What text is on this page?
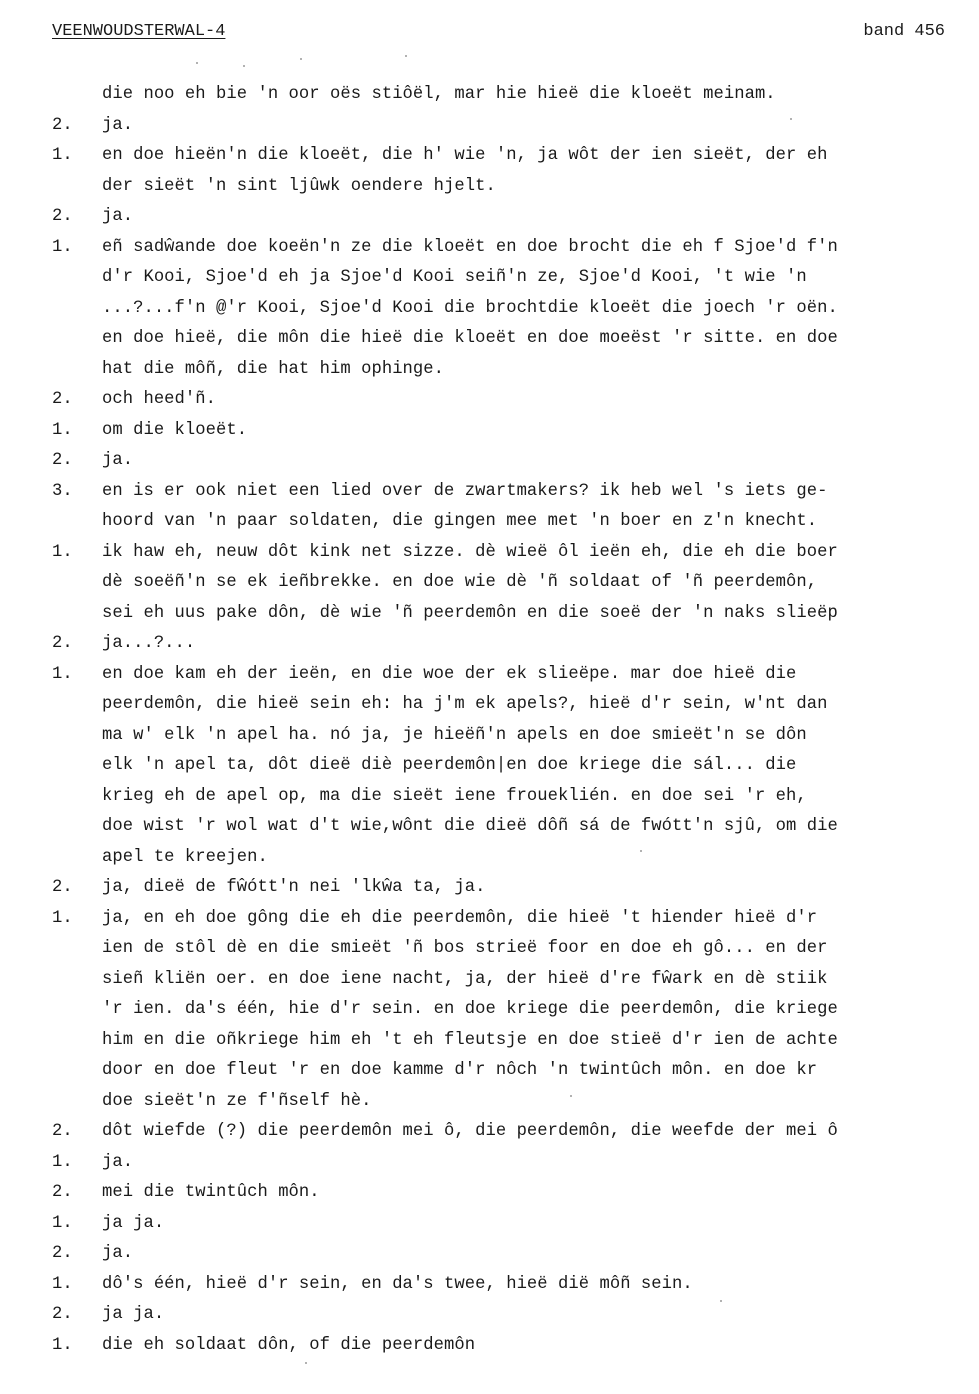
VEENWOUDSTERWAL-4	band 456
die noo eh bie 'n oor oës stiôël, mar hie hieë die kloeët meinam.
2.	ja.
1.	en doe hieën'n die kloeët, die h' wie 'n, ja wôt der ien sieët, der eh
der sieët 'n sint ljûwk oendere hjelt.
2.	ja.
1.	eñ sadŵande doe koeën'n ze die kloeët en doe brocht die eh f Sjoe'd f'n
d'r Kooi, Sjoe'd eh ja Sjoe'd Kooi seiñ'n ze, Sjoe'd Kooi, 't wie 'n
...?...f'n @'r Kooi, Sjoe'd Kooi die brochtdie kloeët die joech 'r oën.
en doe hieë, die môn die hieë die kloeët en doe moeëst 'r sitte. en doe
hat die môñ, die hat him ophinge.
2.	och heed'ñ.
1.	om die kloeët.
2.	ja.
3.	en is er ook niet een lied over de zwartmakers? ik heb wel 's iets ge-
hoord van 'n paar soldaten, die gingen mee met 'n boer en z'n knecht.
1.	ik haw eh, neuw dôt kink net sizze. dè wieë ôl ieën eh, die eh die boer
dè soeëñ'n se ek ieñbrekke. en doe wie dè 'ñ soldaat of 'ñ peerdemôn,
sei eh uus pake dôn, dè wie 'ñ peerdemôn en die soeë der 'n naks slieëp
2.	ja...?...
1.	en doe kam eh der ieën, en die woe der ek slieëpe. mar doe hieë die
peerdemôn, die hieë sein eh: ha j'm ek apels?, hieë d'r sein, w'nt dan
ma w' elk 'n apel ha. nó ja, je hieëñ'n apels en doe smieët'n se dôn
elk 'n apel ta, dôt dieë diè peerdemôn|en doe kriege die sál... die
krieg eh de apel op, ma die sieët iene froueklién. en doe sei 'r eh,
doe wist 'r wol wat d't wie,wônt die dieë dôñ sá de fwótt'n sjû, om die
apel te kreejen.
2.	ja, dieë de fŵótt'n nei 'lkŵa ta, ja.
1.	ja, en eh doe gông die eh die peerdemôn, die hieë 't hiender hieë d'r
ien de stôl dè en die smieët 'ñ bos strieë foor en doe eh gô... en der
sieñ kliën oer. en doe iene nacht, ja, der hieë d're fŵark en dè stiik
'r ien. da's één, hie d'r sein. en doe kriege die peerdemôn, die kriege
him en die oñkriege him eh 't eh fleutsje en doe stieë d'r ien de achte
door en doe fleut 'r en doe kamme d'r nôch 'n twintûch môn. en doe kr
doe sieët'n ze f'ñself hè.
2.	dôt wiefde (?) die peerdemôn mei ô, die peerdemôn, die weefde der mei ô
1.	ja.
2.	mei die twintûch môn.
1.	ja ja.
2.	ja.
1.	dô's één, hieë d'r sein, en da's twee, hieë dië môñ sein.
2.	ja ja.
1.	die eh soldaat dôn, of die peerdemôn
